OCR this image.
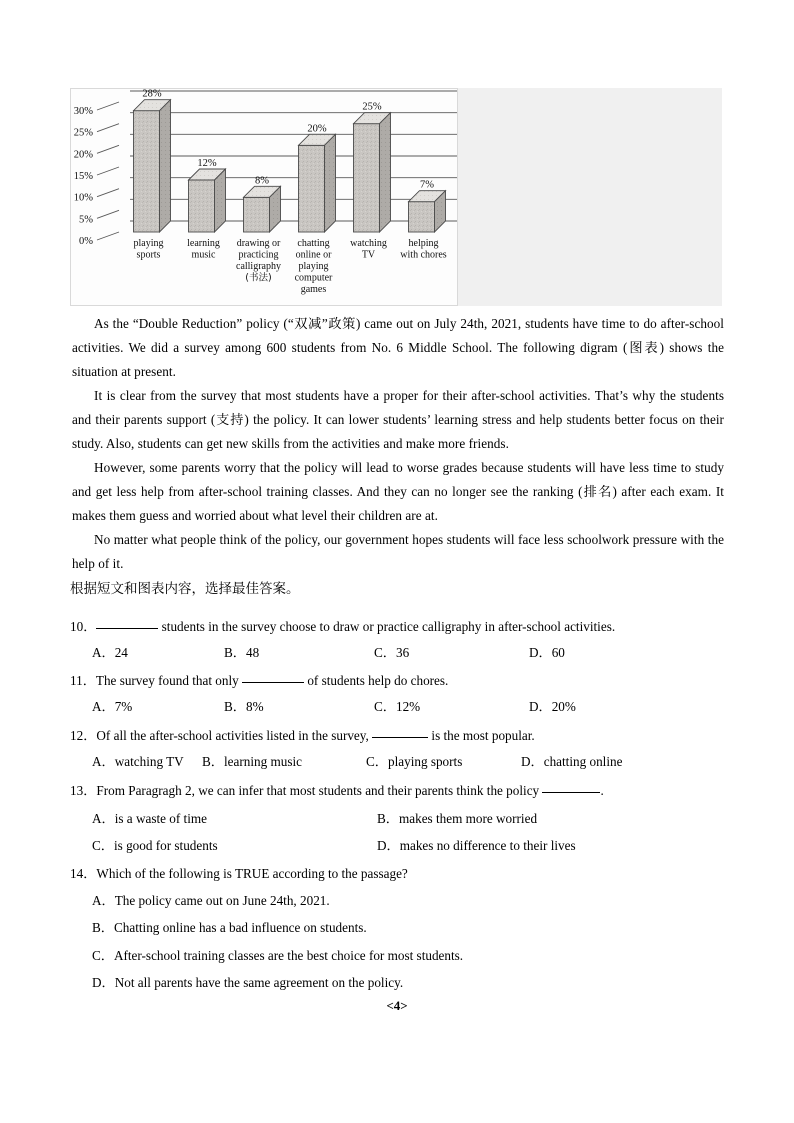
0%
5%
10%
15%
20%
25%
30%
28%
playing
sports
12%
learning
music
8%
drawing or
practicing
calligraphy
(书法)
20%
chatting
online or
playing
computer
games
25%
watching
TV
7%
helping
with chores
As the “Double Reduction” policy (“双减”政策) came out on July 24th, 2021, students have time to do after-school activities. We did a survey among 600 students from No. 6 Middle School. The following digram (图表) shows the situation at present.
It is clear from the survey that most students have a proper for their after-school activities. That’s why the students and their parents support (支持) the policy. It can lower students’ learning stress and help students better focus on their study. Also, students can get new skills from the activities and make more friends.
However, some parents worry that the policy will lead to worse grades because students will have less time to study and get less help from after-school training classes. And they can no longer see the ranking (排名) after each exam. It makes them guess and worried about what level their children are at.
No matter what people think of the policy, our government hopes students will face less schoolwork pressure with the help of it.
根据短文和图表内容，选择最佳答案。
10．	students in the survey choose to draw or practice calligraphy in after-school activities.
A．24	B．48	C．36	D．60
11．The survey found that only	of students help do chores.
A．7%	B．8%	C．12%	D．20%
12．Of all the after-school activities listed in the survey,	is the most popular.
A．watching TV B．learning music	C．playing sports	D．chatting online
13．From Paragragh 2, we can infer that most students and their parents think the policy	.
A．is a waste of time	B．makes them more worried
C．is good for students	D．makes no difference to their lives
14．Which of the following is TRUE according to the passage?
A．The policy came out on June 24th, 2021.
B．Chatting online has a bad influence on students.
C．After-school training classes are the best choice for most students.
D．Not all parents have the same agreement on the policy.
<4>
